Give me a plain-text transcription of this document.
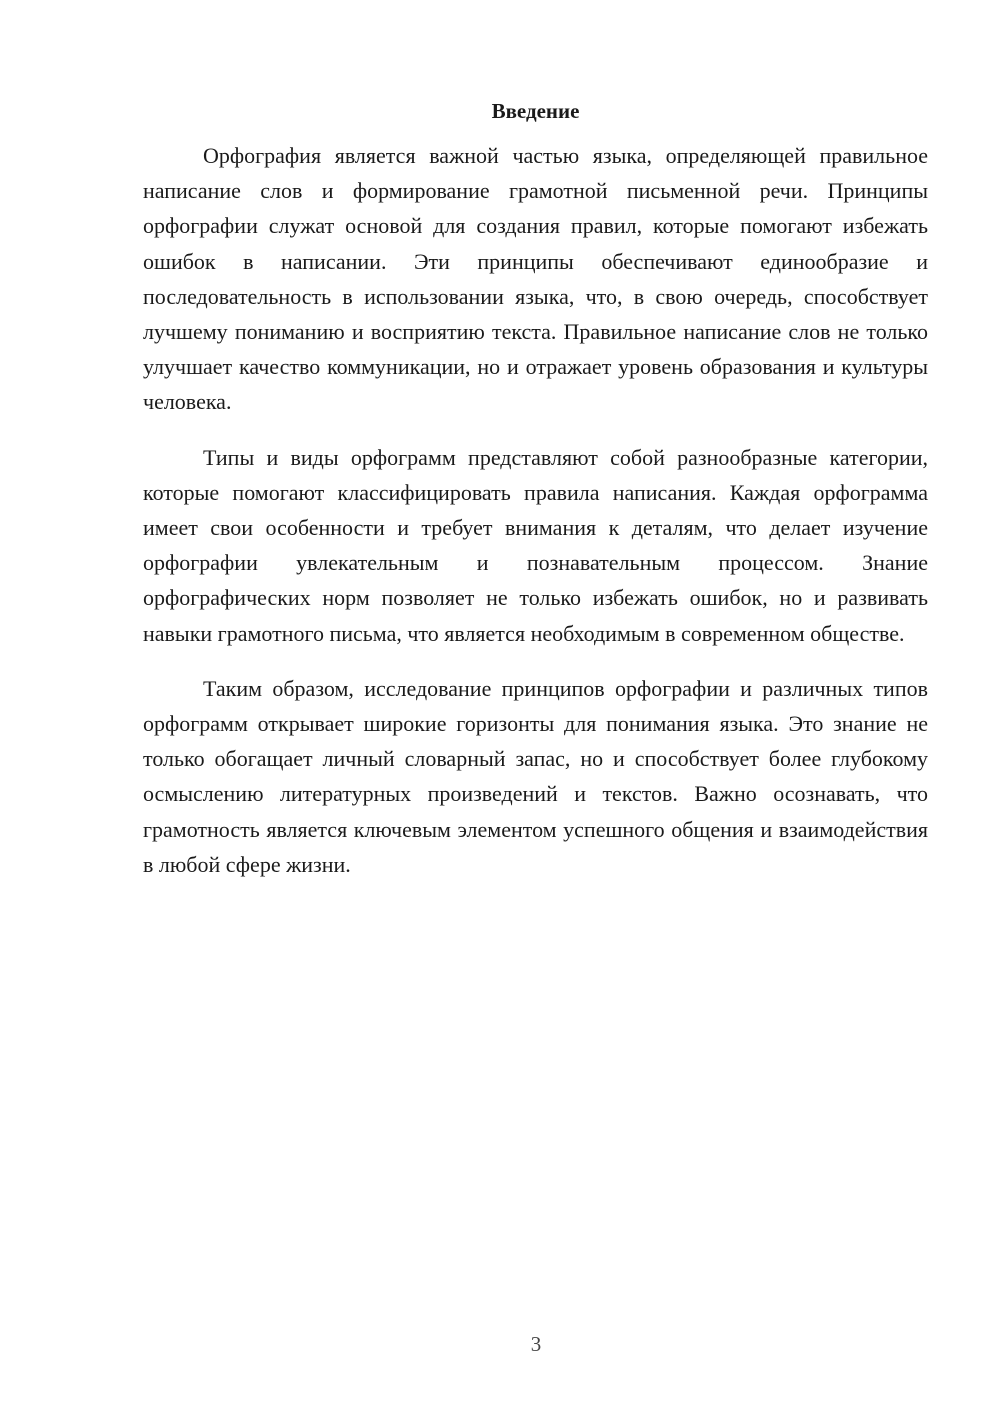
Введение

Орфография является важной частью языка, определяющей правильное написание слов и формирование грамотной письменной речи. Принципы орфографии служат основой для создания правил, которые помогают избежать ошибок в написании. Эти принципы обеспечивают единообразие и последовательность в использовании языка, что, в свою очередь, способствует лучшему пониманию и восприятию текста. Правильное написание слов не только улучшает качество коммуникации, но и отражает уровень образования и культуры человека.

Типы и виды орфограмм представляют собой разнообразные категории, которые помогают классифицировать правила написания. Каждая орфограмма имеет свои особенности и требует внимания к деталям, что делает изучение орфографии увлекательным и познавательным процессом. Знание орфографических норм позволяет не только избежать ошибок, но и развивать навыки грамотного письма, что является необходимым в современном обществе.

Таким образом, исследование принципов орфографии и различных типов орфограмм открывает широкие горизонты для понимания языка. Это знание не только обогащает личный словарный запас, но и способствует более глубокому осмыслению литературных произведений и текстов. Важно осознавать, что грамотность является ключевым элементом успешного общения и взаимодействия в любой сфере жизни.

3
